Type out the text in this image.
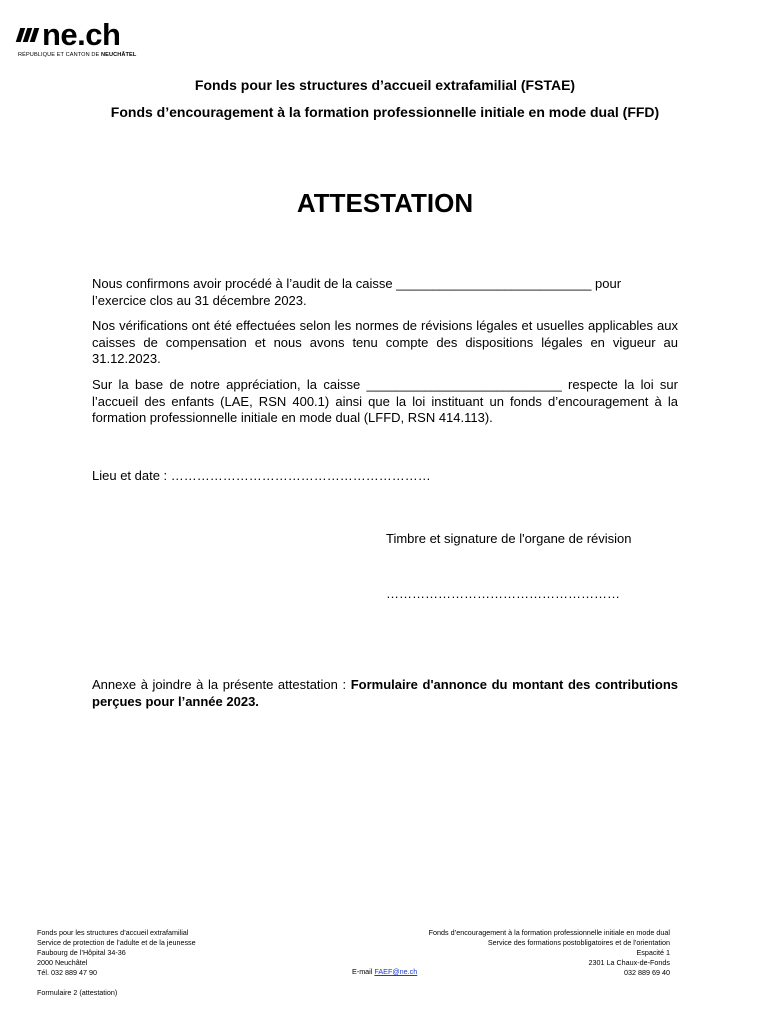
ne.ch
RÉPUBLIQUE ET CANTON DE NEUCHÂTEL
Fonds pour les structures d’accueil extrafamilial (FSTAE)
Fonds d’encouragement à la formation professionnelle initiale en mode dual (FFD)
ATTESTATION
Nous confirmons avoir procédé à l’audit de la caisse ___________________________ pour
l’exercice clos au 31 décembre 2023.
Nos vérifications ont été effectuées selon les normes de révisions légales et usuelles applicables aux caisses de compensation et nous avons tenu compte des dispositions légales en vigueur au 31.12.2023.
Sur la base de notre appréciation, la caisse ___________________________ respecte la loi sur l’accueil des enfants (LAE, RSN 400.1) ainsi que la loi instituant un fonds d’encouragement à la formation professionnelle initiale en mode dual (LFFD, RSN 414.113).
Lieu et date : ……………………………………………………
Timbre et signature de l'organe de révision
………………………………………………
Annexe à joindre à la présente attestation : Formulaire d'annonce du montant des contributions perçues pour l’année 2023.
Fonds pour les structures d’accueil extrafamilial
Service de protection de l’adulte et de la jeunesse
Faubourg de l’Hôpital 34-36
2000 Neuchâtel
Tél. 032 889 47 90
Fonds d’encouragement à la formation professionnelle initiale en mode dual
Service des formations postobligatoires et de l’orientation
Espacité 1
2301 La Chaux-de-Fonds
032 889 69 40
E-mail FAEF@ne.ch
Formulaire 2 (attestation)
